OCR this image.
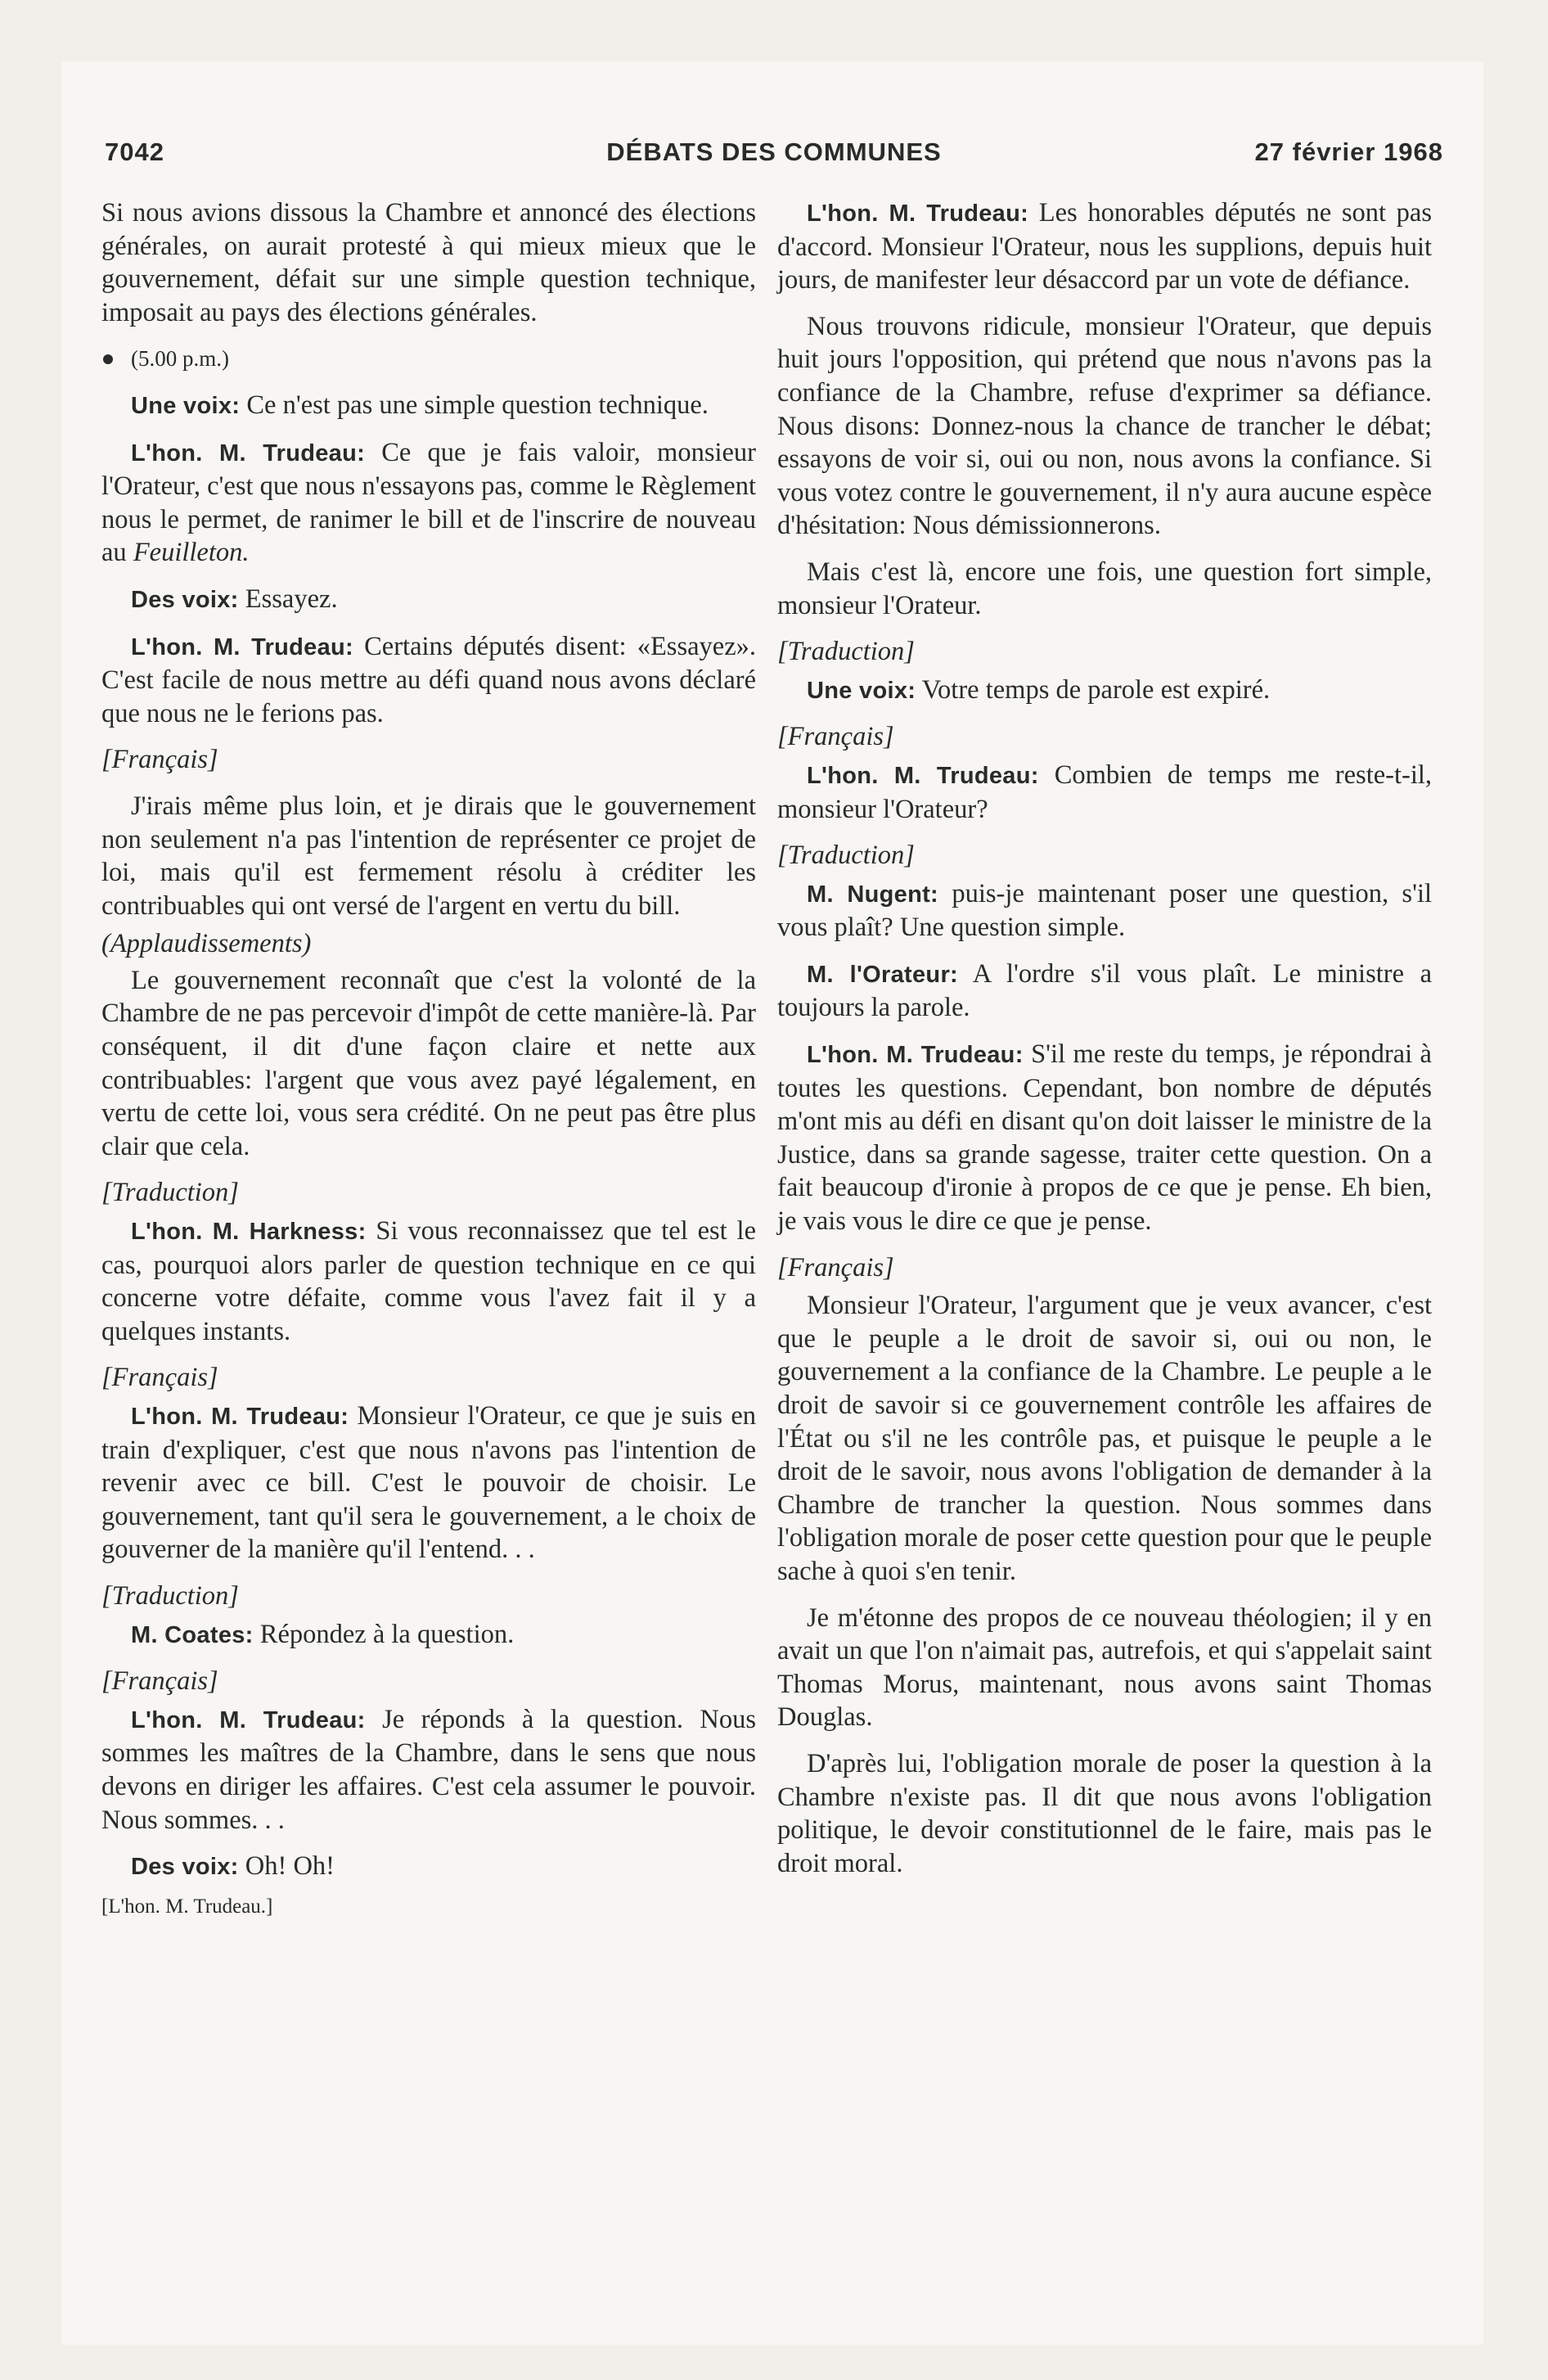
7042	DÉBATS DES COMMUNES	27 février 1968

Si nous avions dissous la Chambre et annoncé des élections générales, on aurait protesté à qui mieux mieux que le gouvernement, défait sur une simple question technique, imposait au pays des élections générales.

(5.00 p.m.)

Une voix: Ce n'est pas une simple question technique.

L'hon. M. Trudeau: Ce que je fais valoir, monsieur l'Orateur, c'est que nous n'essayons pas, comme le Règlement nous le permet, de ranimer le bill et de l'inscrire de nouveau au Feuilleton.

Des voix: Essayez.

L'hon. M. Trudeau: Certains députés disent: «Essayez». C'est facile de nous mettre au défi quand nous avons déclaré que nous ne le ferions pas.

[Français]

J'irais même plus loin, et je dirais que le gouvernement non seulement n'a pas l'intention de représenter ce projet de loi, mais qu'il est fermement résolu à créditer les contribuables qui ont versé de l'argent en vertu du bill.

(Applaudissements)

Le gouvernement reconnaît que c'est la volonté de la Chambre de ne pas percevoir d'impôt de cette manière-là. Par conséquent, il dit d'une façon claire et nette aux contribuables: l'argent que vous avez payé légalement, en vertu de cette loi, vous sera crédité. On ne peut pas être plus clair que cela.

[Traduction]

L'hon. M. Harkness: Si vous reconnaissez que tel est le cas, pourquoi alors parler de question technique en ce qui concerne votre défaite, comme vous l'avez fait il y a quelques instants.

[Français]

L'hon. M. Trudeau: Monsieur l'Orateur, ce que je suis en train d'expliquer, c'est que nous n'avons pas l'intention de revenir avec ce bill. C'est le pouvoir de choisir. Le gouvernement, tant qu'il sera le gouvernement, a le choix de gouverner de la manière qu'il l'entend. . .

[Traduction]

M. Coates: Répondez à la question.

[Français]

L'hon. M. Trudeau: Je réponds à la question. Nous sommes les maîtres de la Chambre, dans le sens que nous devons en diriger les affaires. C'est cela assumer le pouvoir. Nous sommes. . .

Des voix: Oh! Oh!

[L'hon. M. Trudeau.]

L'hon. M. Trudeau: Les honorables députés ne sont pas d'accord. Monsieur l'Orateur, nous les supplions, depuis huit jours, de manifester leur désaccord par un vote de défiance.

Nous trouvons ridicule, monsieur l'Orateur, que depuis huit jours l'opposition, qui prétend que nous n'avons pas la confiance de la Chambre, refuse d'exprimer sa défiance. Nous disons: Donnez-nous la chance de trancher le débat; essayons de voir si, oui ou non, nous avons la confiance. Si vous votez contre le gouvernement, il n'y aura aucune espèce d'hésitation: Nous démissionnerons.

Mais c'est là, encore une fois, une question fort simple, monsieur l'Orateur.

[Traduction]

Une voix: Votre temps de parole est expiré.

[Français]

L'hon. M. Trudeau: Combien de temps me reste-t-il, monsieur l'Orateur?

[Traduction]

M. Nugent: puis-je maintenant poser une question, s'il vous plaît? Une question simple.

M. l'Orateur: A l'ordre s'il vous plaît. Le ministre a toujours la parole.

L'hon. M. Trudeau: S'il me reste du temps, je répondrai à toutes les questions. Cependant, bon nombre de députés m'ont mis au défi en disant qu'on doit laisser le ministre de la Justice, dans sa grande sagesse, traiter cette question. On a fait beaucoup d'ironie à propos de ce que je pense. Eh bien, je vais vous le dire ce que je pense.

[Français]

Monsieur l'Orateur, l'argument que je veux avancer, c'est que le peuple a le droit de savoir si, oui ou non, le gouvernement a la confiance de la Chambre. Le peuple a le droit de savoir si ce gouvernement contrôle les affaires de l'État ou s'il ne les contrôle pas, et puisque le peuple a le droit de le savoir, nous avons l'obligation de demander à la Chambre de trancher la question. Nous sommes dans l'obligation morale de poser cette question pour que le peuple sache à quoi s'en tenir.

Je m'étonne des propos de ce nouveau théologien; il y en avait un que l'on n'aimait pas, autrefois, et qui s'appelait saint Thomas Morus, maintenant, nous avons saint Thomas Douglas.

D'après lui, l'obligation morale de poser la question à la Chambre n'existe pas. Il dit que nous avons l'obligation politique, le devoir constitutionnel de le faire, mais pas le droit moral.
